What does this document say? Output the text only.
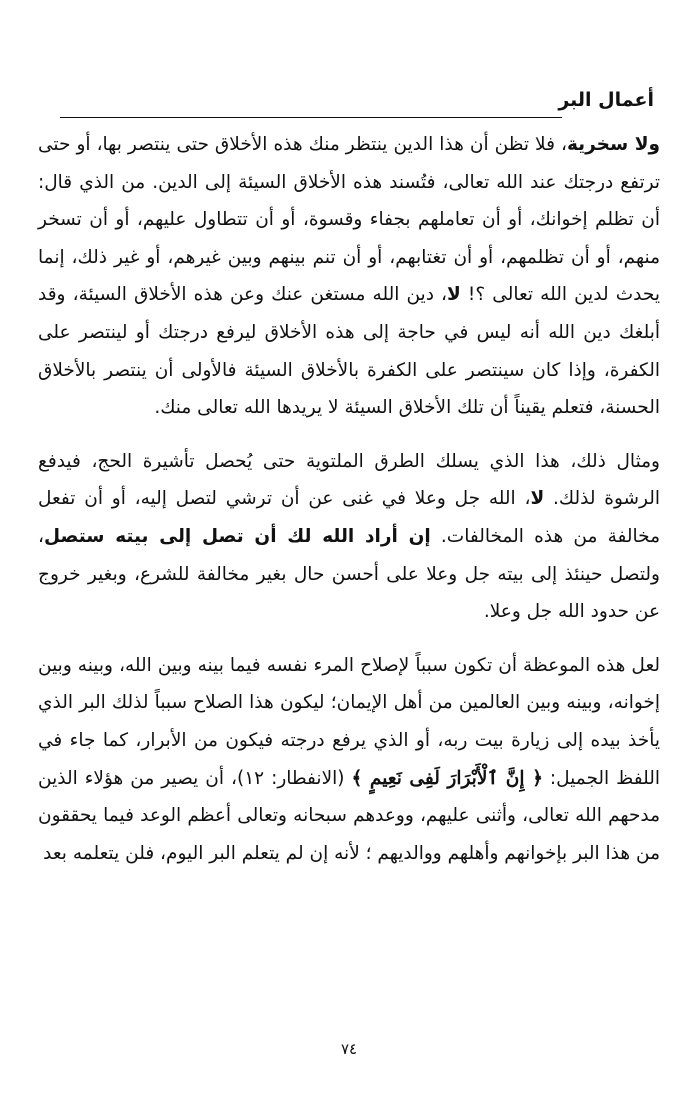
أعمال البر

ولا سخرية، فلا تظن أن هذا الدين ينتظر منك هذه الأخلاق حتى ينتصر بها، أو حتى ترتفع درجتك عند الله تعالى، فتُسند هذه الأخلاق السيئة إلى الدين. من الذي قال: أن تظلم إخوانك، أو أن تعاملهم بجفاء وقسوة، أو أن تتطاول عليهم، أو أن تسخر منهم، أو أن تظلمهم، أو أن تغتابهم، أو أن تنم بينهم وبين غيرهم، أو غير ذلك، إنما يحدث لدين الله تعالى ؟! لا، دين الله مستغن عنك وعن هذه الأخلاق السيئة، وقد أبلغك دين الله أنه ليس في حاجة إلى هذه الأخلاق ليرفع درجتك أو لينتصر على الكفرة، وإذا كان سينتصر على الكفرة بالأخلاق السيئة فالأولى أن ينتصر بالأخلاق الحسنة، فتعلم يقيناً أن تلك الأخلاق السيئة لا يريدها الله تعالى منك.

ومثال ذلك، هذا الذي يسلك الطرق الملتوية حتى يُحصل تأشيرة الحج، فيدفع الرشوة لذلك. لا، الله جل وعلا في غنى عن أن ترشي لتصل إليه، أو أن تفعل مخالفة من هذه المخالفات. إن أراد الله لك أن تصل إلى بيته ستصل، ولتصل حينئذ إلى بيته جل وعلا على أحسن حال بغير مخالفة للشرع، وبغير خروج عن حدود الله جل وعلا.

لعل هذه الموعظة أن تكون سبباً لإصلاح المرء نفسه فيما بينه وبين الله، وبينه وبين إخوانه، وبينه وبين العالمين من أهل الإيمان؛ ليكون هذا الصلاح سبباً لذلك البر الذي يأخذ بيده إلى زيارة بيت ربه، أو الذي يرفع درجته فيكون من الأبرار، كما جاء في اللفظ الجميل: ﴿ إِنَّ ٱلْأَبْرَارَ لَفِى نَعِيمٍ ﴾ (الانفطار: ١٢)، أن يصير من هؤلاء الذين مدحهم الله تعالى، وأثنى عليهم، ووعدهم سبحانه وتعالى أعظم الوعد فيما يحققون من هذا البر بإخوانهم وأهلهم ووالديهم ؛ لأنه إن لم يتعلم البر اليوم، فلن يتعلمه بعد

٧٤
